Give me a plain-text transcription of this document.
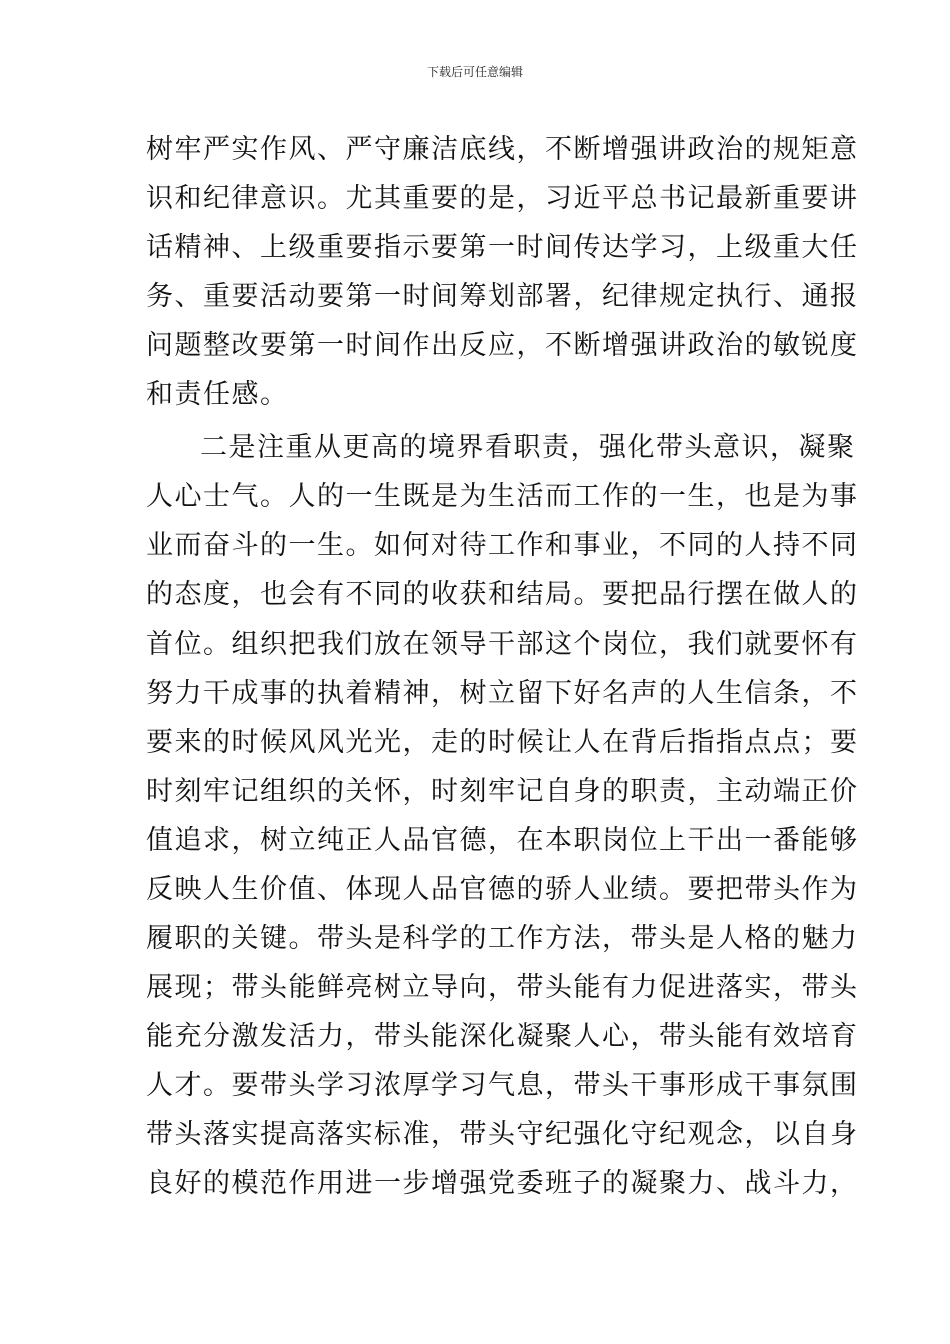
下载后可任意编辑
树牢严实作风、严守廉洁底线，不断增强讲政治的规矩意
识和纪律意识。尤其重要的是，习近平总书记最新重要讲
话精神、上级重要指示要第一时间传达学习，上级重大任
务、重要活动要第一时间筹划部署，纪律规定执行、通报
问题整改要第一时间作出反应，不断增强讲政治的敏锐度
和责任感。
二是注重从更高的境界看职责，强化带头意识，凝聚
人心士气。人的一生既是为生活而工作的一生，也是为事
业而奋斗的一生。如何对待工作和事业，不同的人持不同
的态度，也会有不同的收获和结局。要把品行摆在做人的
首位。组织把我们放在领导干部这个岗位，我们就要怀有
努力干成事的执着精神，树立留下好名声的人生信条，不
要来的时候风风光光，走的时候让人在背后指指点点；要
时刻牢记组织的关怀，时刻牢记自身的职责，主动端正价
值追求，树立纯正人品官德，在本职岗位上干出一番能够
反映人生价值、体现人品官德的骄人业绩。要把带头作为
履职的关键。带头是科学的工作方法，带头是人格的魅力
展现；带头能鲜亮树立导向，带头能有力促进落实，带头
能充分激发活力，带头能深化凝聚人心，带头能有效培育
人才。要带头学习浓厚学习气息，带头干事形成干事氛围
带头落实提高落实标准，带头守纪强化守纪观念，以自身
良好的模范作用进一步增强党委班子的凝聚力、战斗力，
